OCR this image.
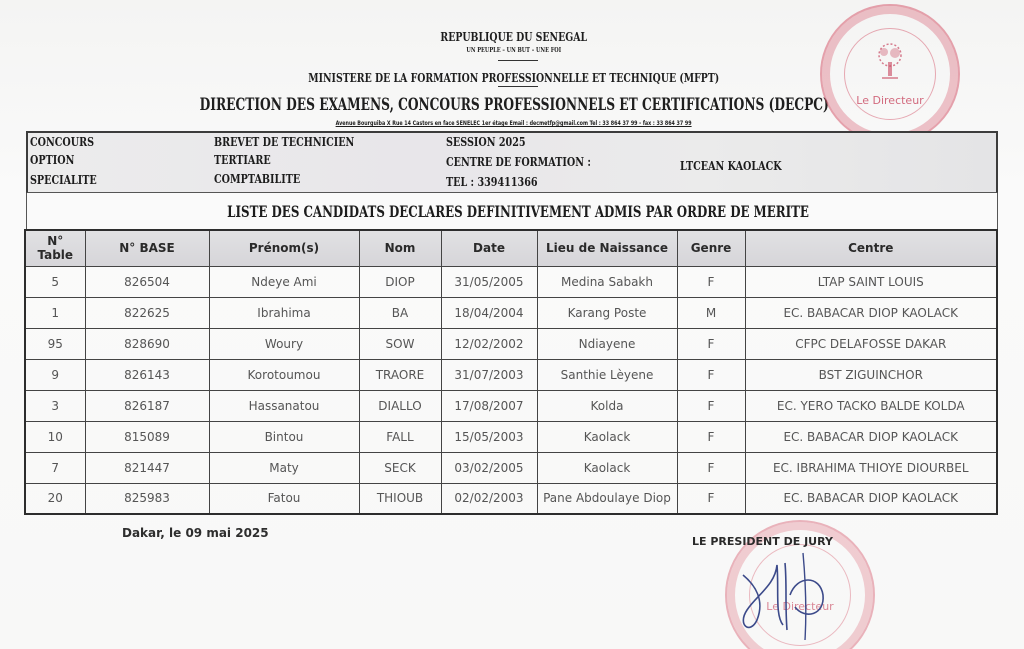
REPUBLIQUE DU SENEGAL
UN PEUPLE – UN BUT – UNE FOI
MINISTERE DE LA FORMATION PROFESSIONNELLE ET TECHNIQUE (MFPT)
DIRECTION DES EXAMENS, CONCOURS PROFESSIONNELS ET CERTIFICATIONS (DECPC)
Avenue Bourguiba X Rue 14 Castors en face SENELEC 1er étage Email : decmetfp@gmail.com Tel : 33 864 37 99 - fax : 33 864 37 99
Le Directeur
CONCOURS
OPTION
SPECIALITE
BREVET DE TECHNICIEN
TERTIARE
COMPTABILITE
SESSION 2025
CENTRE DE FORMATION :
TEL : 339411366
LTCEAN KAOLACK
LISTE DES CANDIDATS DECLARES DEFINITIVEMENT ADMIS PAR ORDRE DE MERITE
N°
Table	N° BASE	Prénom(s)	Nom	Date	Lieu de Naissance	Genre	Centre
5	826504	Ndeye Ami	DIOP	31/05/2005	Medina Sabakh	F	LTAP SAINT LOUIS
1	822625	Ibrahima	BA	18/04/2004	Karang Poste	M	EC. BABACAR DIOP KAOLACK
95	828690	Woury	SOW	12/02/2002	Ndiayene	F	CFPC DELAFOSSE DAKAR
9	826143	Korotoumou	TRAORE	31/07/2003	Santhie Lèyene	F	BST ZIGUINCHOR
3	826187	Hassanatou	DIALLO	17/08/2007	Kolda	F	EC. YERO TACKO BALDE KOLDA
10	815089	Bintou	FALL	15/05/2003	Kaolack	F	EC. BABACAR DIOP KAOLACK
7	821447	Maty	SECK	03/02/2005	Kaolack	F	EC. IBRAHIMA THIOYE DIOURBEL
20	825983	Fatou	THIOUB	02/02/2003	Pane Abdoulaye Diop	F	EC. BABACAR DIOP KAOLACK
Dakar, le 09 mai 2025
Le Directeur
LE PRESIDENT DE JURY
